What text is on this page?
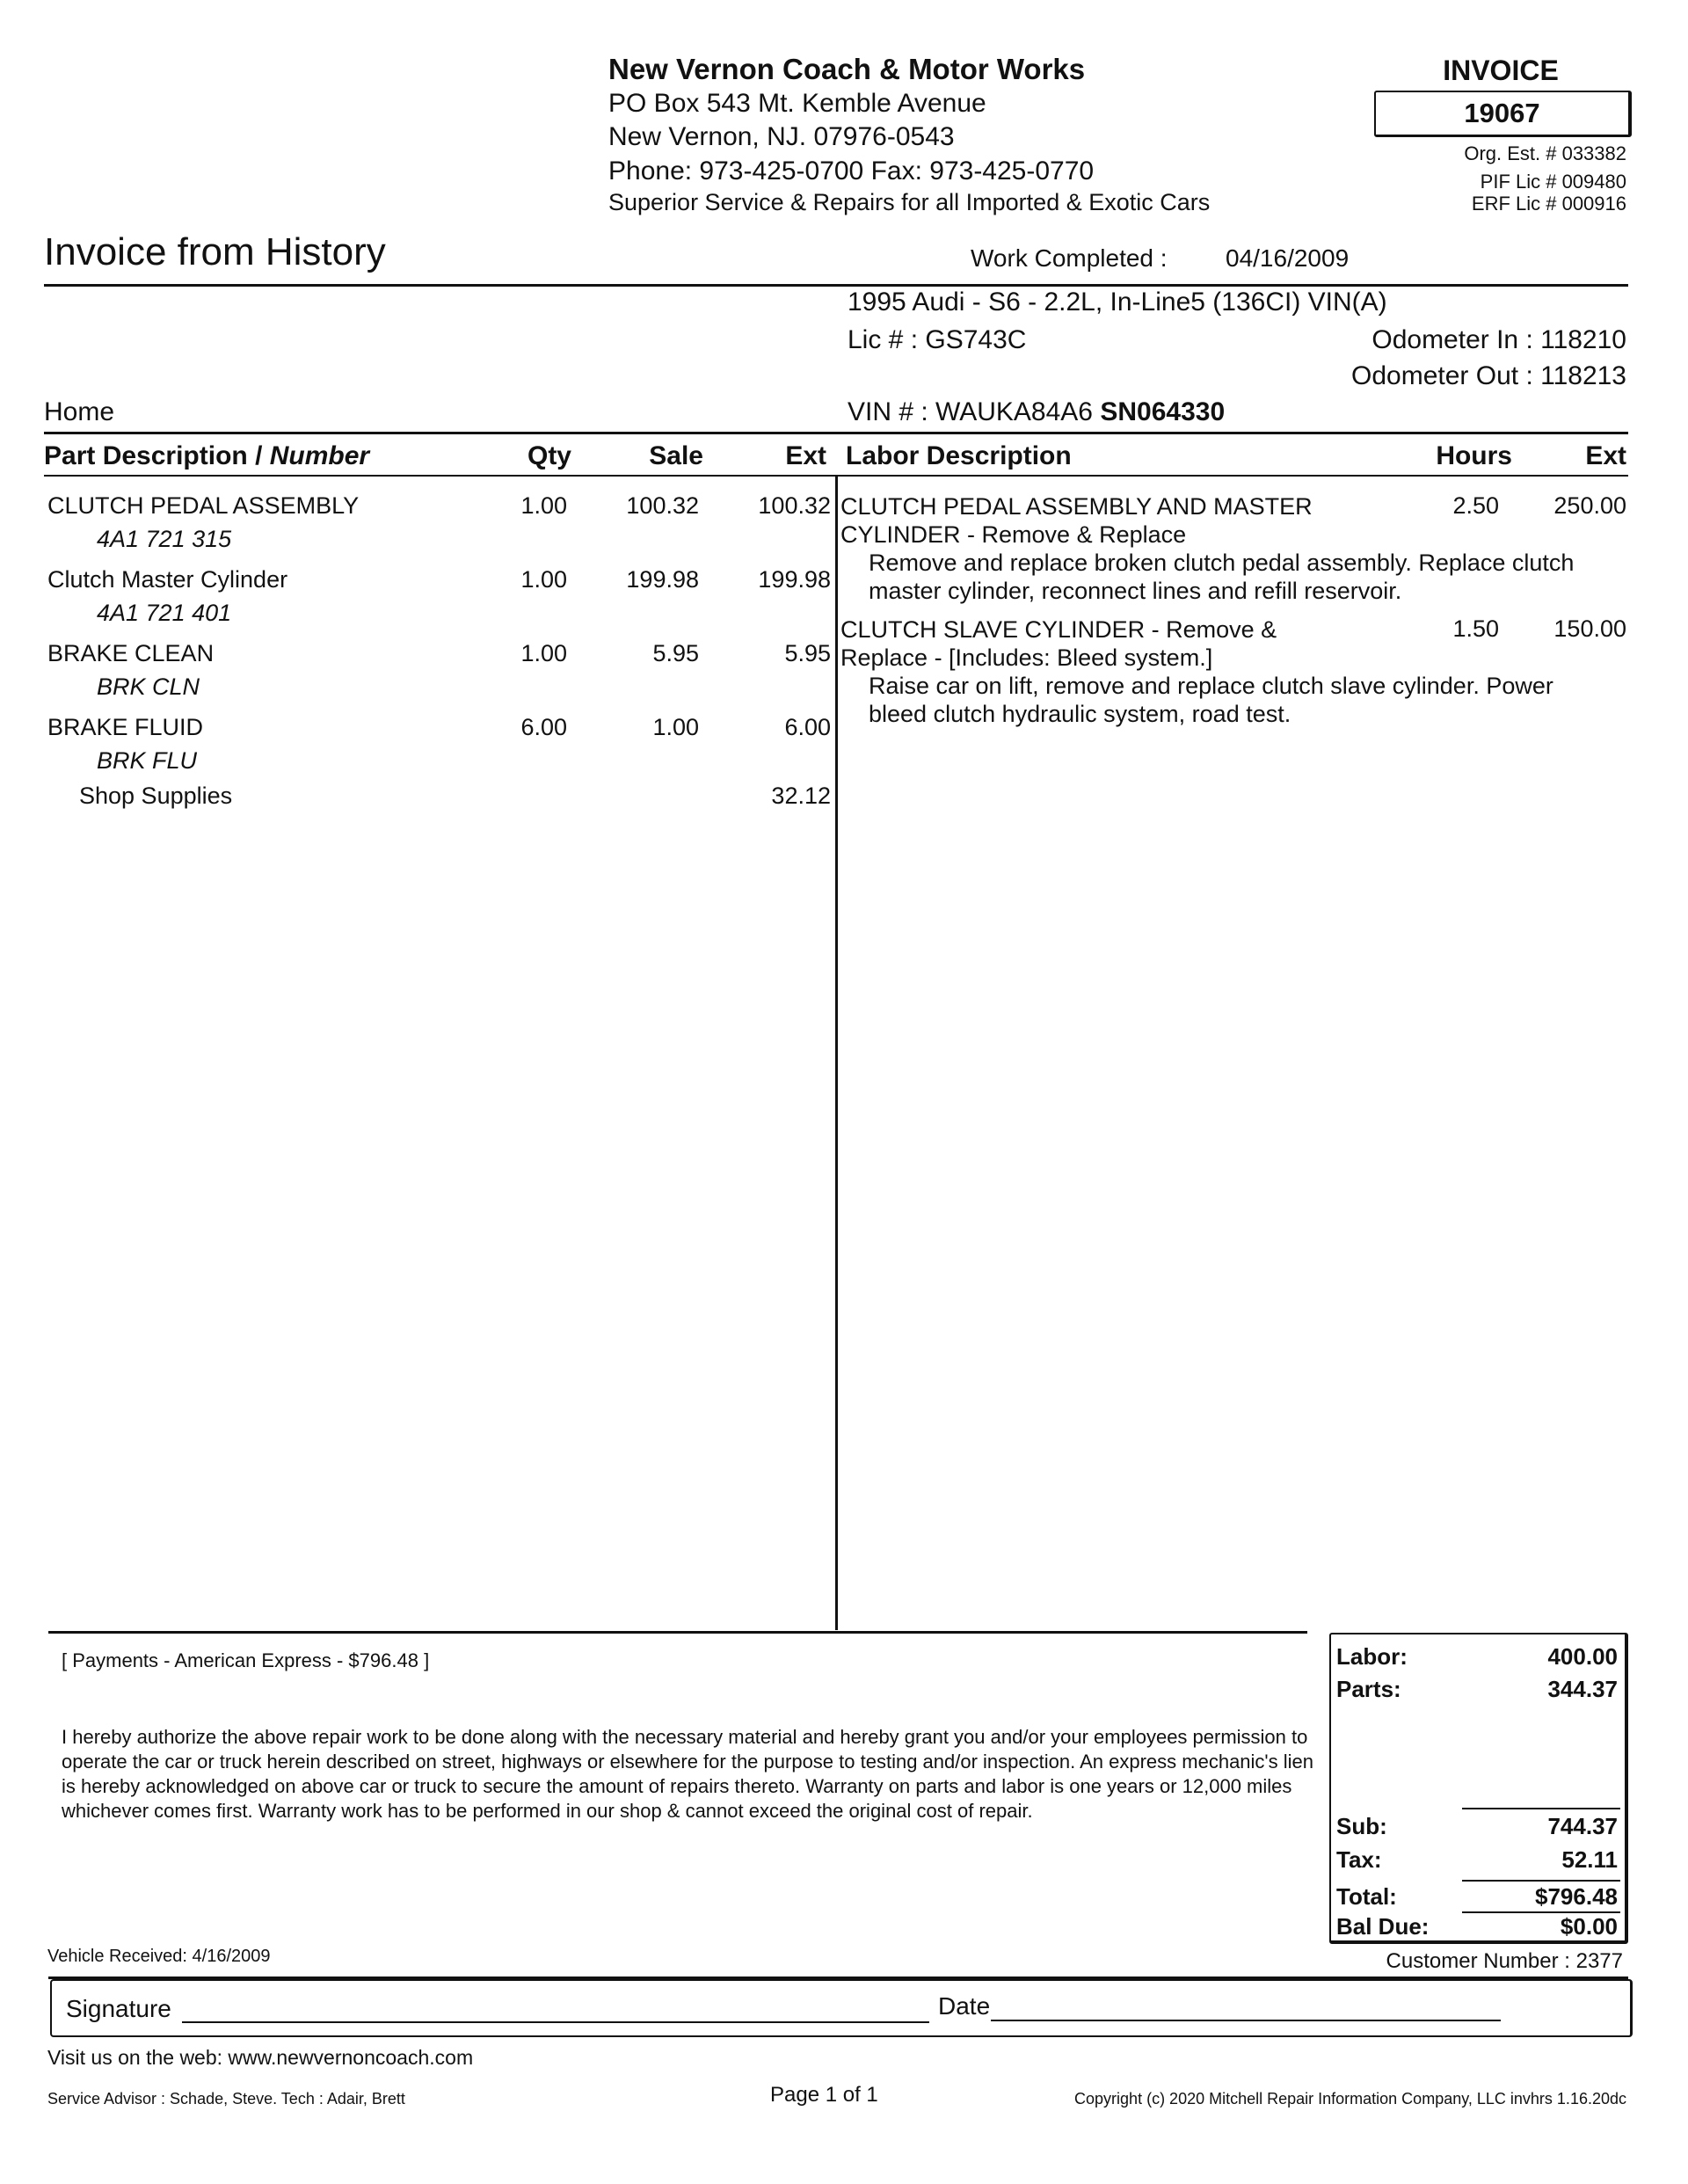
New Vernon Coach & Motor Works
PO Box 543 Mt. Kemble Avenue
New Vernon, NJ. 07976-0543
Phone: 973-425-0700 Fax: 973-425-0770
Superior Service & Repairs for all Imported & Exotic Cars
INVOICE
19067
Org. Est. # 033382
PIF Lic # 009480
ERF Lic # 000916
Invoice from History	Work Completed : 04/16/2009
1995 Audi - S6 - 2.2L, In-Line5 (136CI) VIN(A)
Lic # : GS743C	Odometer In : 118210
Odometer Out : 118213
Home	VIN # : WAUKA84A6 SN064330
Part Description / Number	Qty	Sale	Ext Labor Description	Hours	Ext
CLUTCH PEDAL ASSEMBLY
4A1 721 315
1.00	100.32	100.32
Clutch Master Cylinder
4A1 721 401
1.00	199.98	199.98
BRAKE CLEAN
BRK CLN
1.00	5.95	5.95
BRAKE FLUID
BRK FLU
6.00	1.00	6.00
Shop Supplies	32.12
CLUTCH PEDAL ASSEMBLY AND MASTER
CYLINDER - Remove & Replace
Remove and replace broken clutch pedal assembly. Replace clutch
master cylinder, reconnect lines and refill reservoir.
2.50	250.00
CLUTCH SLAVE CYLINDER - Remove &
Replace - [Includes: Bleed system.]
Raise car on lift, remove and replace clutch slave cylinder. Power
bleed clutch hydraulic system, road test.
1.50	150.00
[ Payments - American Express - $796.48 ]
I hereby authorize the above repair work to be done along with the necessary material and hereby grant you and/or your employees permission to operate the car or truck herein described on street, highways or elsewhere for the purpose to testing and/or inspection. An express mechanic's lien is hereby acknowledged on above car or truck to secure the amount of repairs thereto. Warranty on parts and labor is one years or 12,000 miles whichever comes first. Warranty work has to be performed in our shop & cannot exceed the original cost of repair.
Vehicle Received: 4/16/2009
Labor:	400.00
Parts:	344.37
Sub:	744.37
Tax:	52.11
Total:	$796.48
Bal Due:	$0.00
Customer Number : 2377
Signature	Date
Visit us on the web: www.newvernoncoach.com
Service Advisor : Schade, Steve. Tech : Adair, Brett	Page 1 of 1	Copyright (c) 2020 Mitchell Repair Information Company, LLC invhrs 1.16.20dc
